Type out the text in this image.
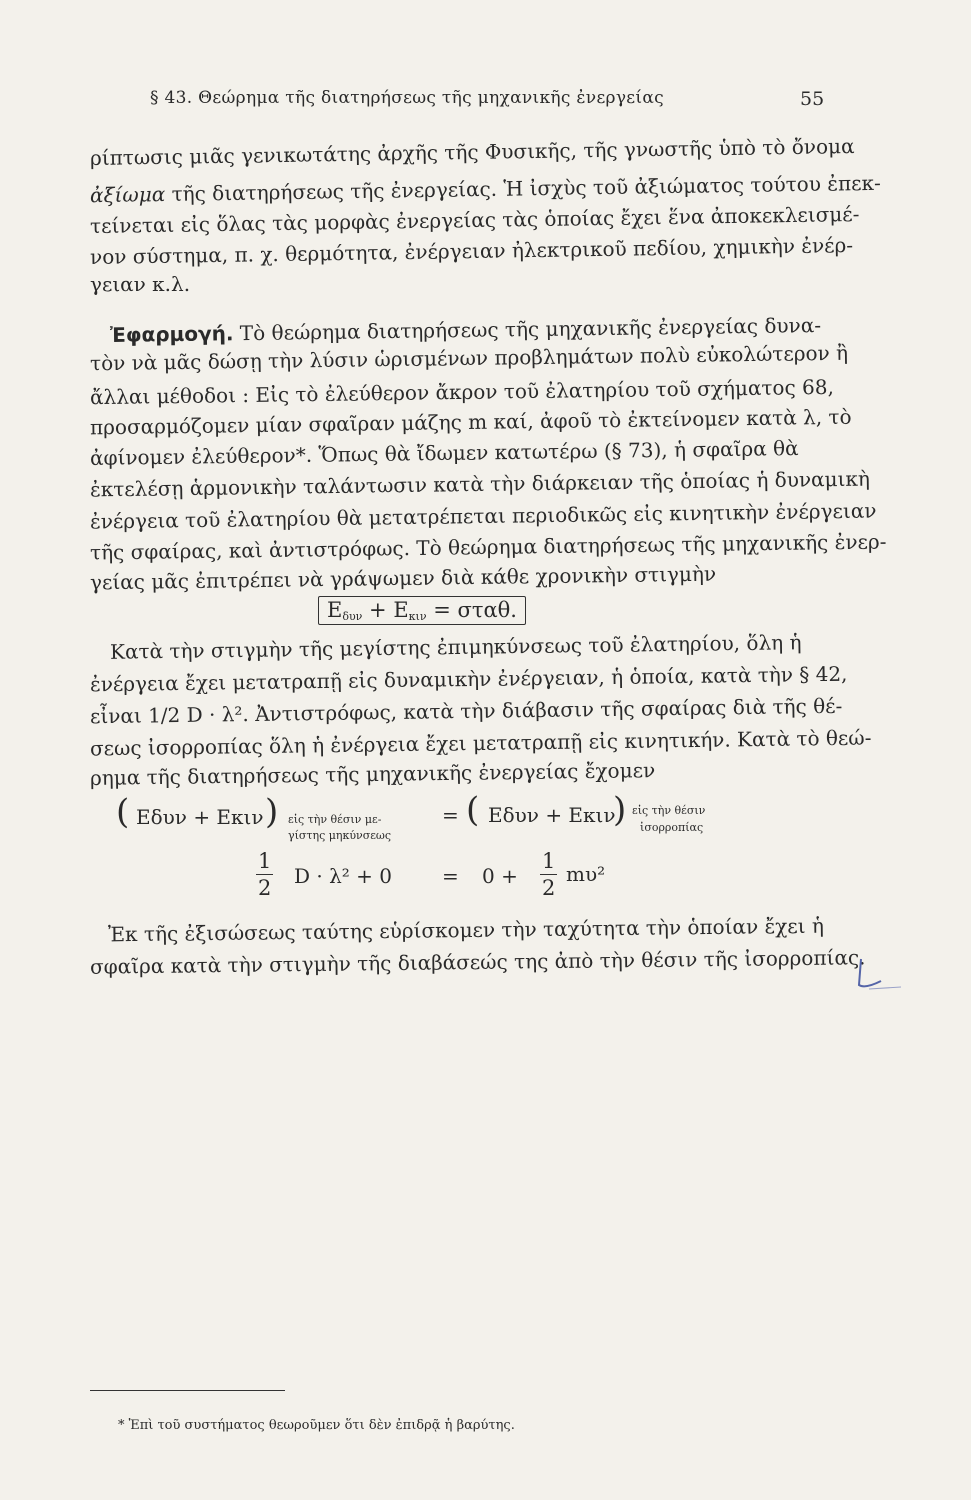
§ 43. Θεώρημα τῆς διατηρήσεως τῆς μηχανικῆς ἐνεργείας	55
ρίπτωσις μιᾶς γενικωτάτης ἀρχῆς τῆς Φυσικῆς, τῆς γνωστῆς ὑπὸ τὸ ὄνομα
ἀξίωμα τῆς διατηρήσεως τῆς ἐνεργείας. Ἡ ἰσχὺς τοῦ ἀξιώματος τούτου ἐπεκ-
τείνεται εἰς ὅλας τὰς μορφὰς ἐνεργείας τὰς ὁποίας ἔχει ἕνα ἀποκεκλεισμέ-
νον σύστημα, π. χ. θερμότητα, ἐνέργειαν ἠλεκτρικοῦ πεδίου, χημικὴν ἐνέρ-
γειαν κ.λ.
Ἐφαρμογή. Τὸ θεώρημα διατηρήσεως τῆς μηχανικῆς ἐνεργείας δυνα-
τὸν νὰ μᾶς δώσῃ τὴν λύσιν ὡρισμένων προβλημάτων πολὺ εὐκολώτερον ἢ
ἄλλαι μέθοδοι : Εἰς τὸ ἐλεύθερον ἄκρον τοῦ ἐλατηρίου τοῦ σχήματος 68,
προσαρμόζομεν μίαν σφαῖραν μάζης m καί, ἀφοῦ τὸ ἐκτείνομεν κατὰ λ, τὸ
ἀφίνομεν ἐλεύθερον*. Ὅπως θὰ ἴδωμεν κατωτέρω (§ 73), ἡ σφαῖρα θὰ
ἐκτελέσῃ ἁρμονικὴν ταλάντωσιν κατὰ τὴν διάρκειαν τῆς ὁποίας ἡ δυναμικὴ
ἐνέργεια τοῦ ἐλατηρίου θὰ μετατρέπεται περιοδικῶς εἰς κινητικὴν ἐνέργειαν
τῆς σφαίρας, καὶ ἀντιστρόφως. Τὸ θεώρημα διατηρήσεως τῆς μηχανικῆς ἐνερ-
γείας μᾶς ἐπιτρέπει νὰ γράψωμεν διὰ κάθε χρονικὴν στιγμὴν
$E_{\delta\upsilon\nu} + E_{\kappa\iota\nu} = \sigma\tau\alpha\theta$.
Κατὰ τὴν στιγμὴν τῆς μεγίστης ἐπιμηκύνσεως τοῦ ἐλατηρίου, ὅλη ἡ
ἐνέργεια ἔχει μετατραπῇ εἰς δυναμικὴν ἐνέργειαν, ἡ ὁποία, κατὰ τὴν § 42,
εἶναι 1/2 D · λ². Ἀντιστρόφως, κατὰ τὴν διάβασιν τῆς σφαίρας διὰ τῆς θέ-
σεως ἰσορροπίας ὅλη ἡ ἐνέργεια ἔχει μετατραπῇ εἰς κινητικήν. Κατὰ τὸ θεώ-
ρημα τῆς διατηρήσεως τῆς μηχανικῆς ἐνεργείας ἔχομεν
( Eδυν + Eκιν ) εἰς τὴν θέσιν με-
γίστης μηκύνσεως
= ( Eδυν + Eκιν
) εἰς τὴν θέσιν
ἰσορροπίας
$\frac{1}{2}$ D · λ² + 0	= $0 + \frac{1}{2} m\upsilon^2$
Ἐκ τῆς ἐξισώσεως ταύτης εὑρίσκομεν τὴν ταχύτητα τὴν ὁποίαν ἔχει ἡ
σφαῖρα κατὰ τὴν στιγμὴν τῆς διαβάσεώς της ἀπὸ τὴν θέσιν τῆς ἰσορροπίας.
* Ἐπὶ τοῦ συστήματος θεωροῦμεν ὅτι δὲν ἐπιδρᾷ ἡ βαρύτης.
